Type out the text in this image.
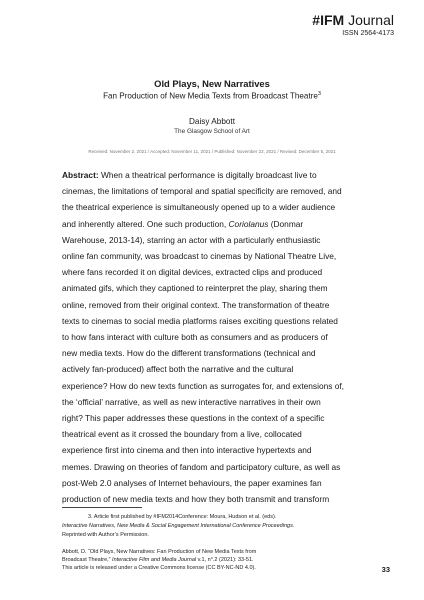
#IFM Journal
ISSN 2564-4173
Old Plays, New Narratives
Fan Production of New Media Texts from Broadcast Theatre$^3$
Daisy Abbott
The Glasgow School of Art
Received: November 2, 2021 / Accepted: November 11, 2021 / Published: November 22, 2021 / Revised: December 5, 2021

Abstract: When a theatrical performance is digitally broadcast live to
cinemas, the limitations of temporal and spatial specificity are removed, and
the theatrical experience is simultaneously opened up to a wider audience
and inherently altered. One such production, Coriolanus (Donmar
Warehouse, 2013-14), starring an actor with a particularly enthusiastic
online fan community, was broadcast to cinemas by National Theatre Live,
where fans recorded it on digital devices, extracted clips and produced
animated gifs, which they captioned to reinterpret the play, sharing them
online, removed from their original context. The transformation of theatre
texts to cinemas to social media platforms raises exciting questions related
to how fans interact with culture both as consumers and as producers of
new media texts. How do the different transformations (technical and
actively fan-produced) affect both the narrative and the cultural
experience? How do new texts function as surrogates for, and extensions of,
the ‘official’ narrative, as well as new interactive narratives in their own
right? This paper addresses these questions in the context of a specific
theatrical event as it crossed the boundary from a live, collocated
experience first into cinema and then into interactive hypertexts and
memes. Drawing on theories of fandom and participatory culture, as well as
post-Web 2.0 analyses of Internet behaviours, the paper examines fan
production of new media texts and how they both transmit and transform

3. Article first published by #IFM2014Conference: Moura, Hudson et al. (eds).
Interactive Narratives, New Media & Social Engagement International Conference Proceedings.
Reprinted with Author’s Permission.
Abbott, D. “Old Plays, New Narratives: Fan Production of New Media Texts from
Broadcast Theatre,” Interactive Film and Media Journal v.1, n°.2 (2021): 33-51.
This article is released under a Creative Commons license (CC BY-NC-ND 4.0).	33
